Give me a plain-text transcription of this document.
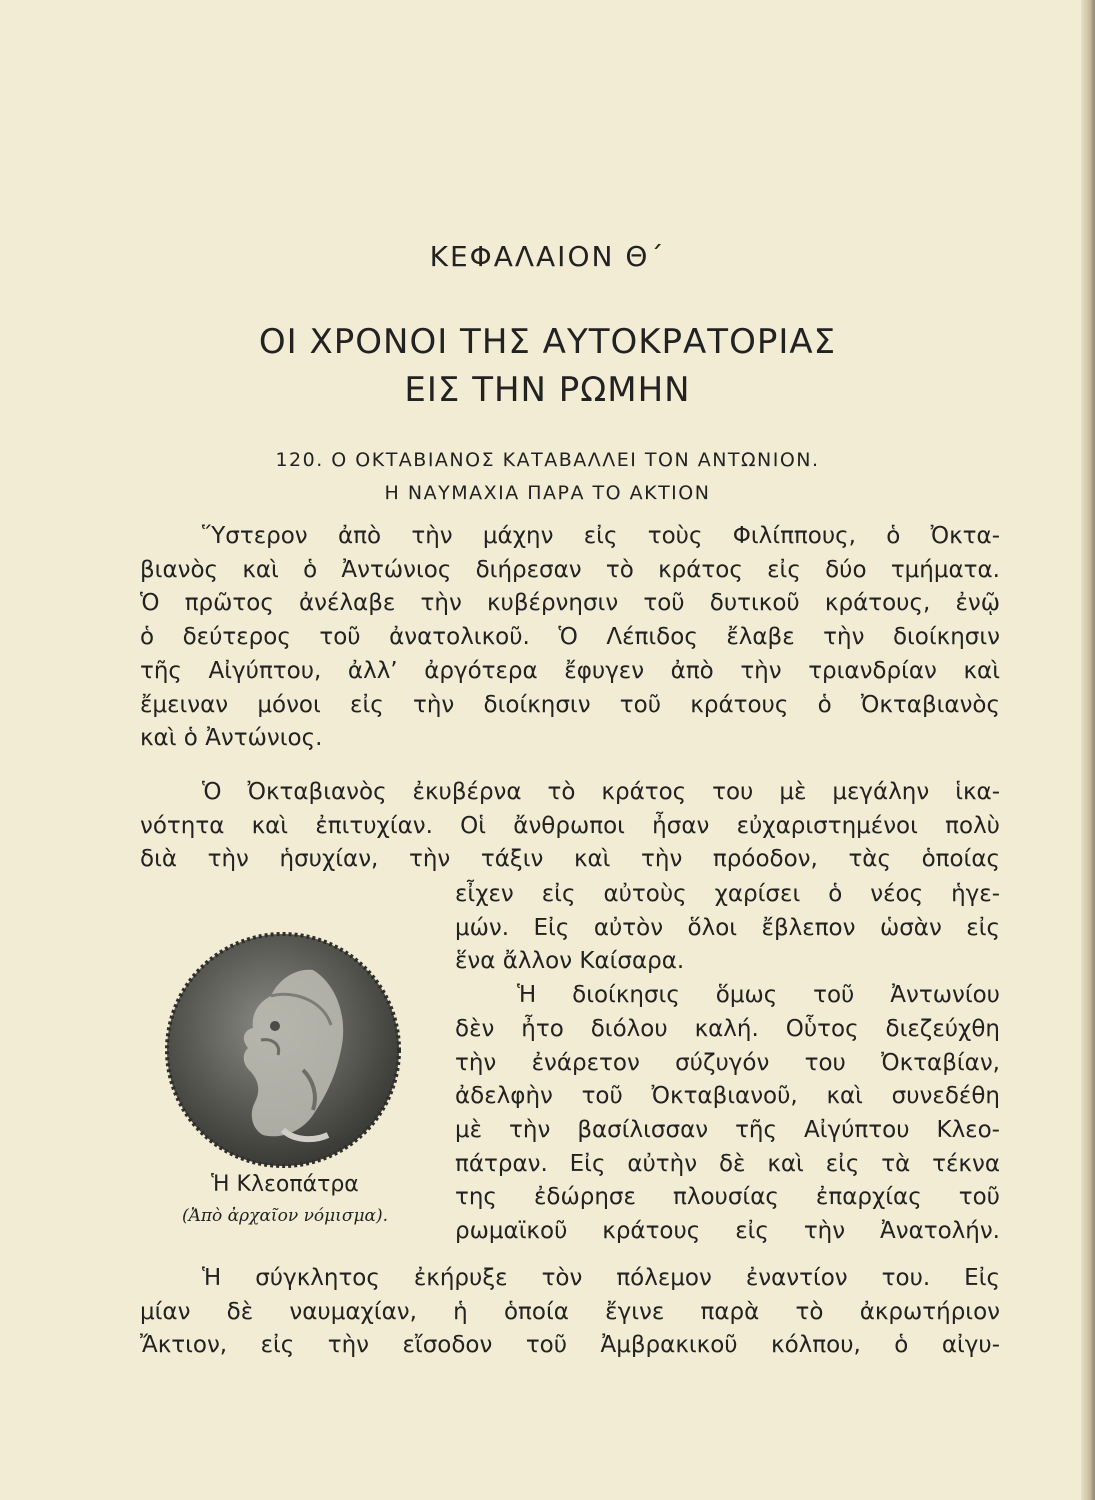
ΚΕΦΑΛΑΙΟΝ Θ΄
ΟΙ ΧΡΟΝΟΙ ΤΗΣ ΑΥΤΟΚΡΑΤΟΡΙΑΣ
ΕΙΣ ΤΗΝ ΡΩΜΗΝ
120. Ο ΟΚΤΑΒΙΑΝΟΣ ΚΑΤΑΒΑΛΛΕΙ ΤΟΝ ΑΝΤΩΝΙΟΝ.
Η ΝΑΥΜΑΧΙΑ ΠΑΡΑ ΤΟ ΑΚΤΙΟΝ
Ὕστερον ἀπὸ τὴν μάχην εἰς τοὺς Φιλίππους, ὁ Ὀκτα-
βιανὸς καὶ ὁ Ἀντώνιος διήρεσαν τὸ κράτος εἰς δύο τμήματα.
Ὁ πρῶτος ἀνέλαβε τὴν κυβέρνησιν τοῦ δυτικοῦ κράτους, ἐνῷ
ὁ δεύτερος τοῦ ἀνατολικοῦ. Ὁ Λέπιδος ἔλαβε τὴν διοίκησιν
τῆς Αἰγύπτου, ἀλλ’ ἀργότερα ἔφυγεν ἀπὸ τὴν τριανδρίαν καὶ
ἔμειναν μόνοι εἰς τὴν διοίκησιν τοῦ κράτους ὁ Ὀκταβιανὸς
καὶ ὁ Ἀντώνιος.
Ὁ Ὀκταβιανὸς ἐκυβέρνα τὸ κράτος του μὲ μεγάλην ἱκα-
νότητα καὶ ἐπιτυχίαν. Οἱ ἄνθρωποι ἦσαν εὐχαριστημένοι πολὺ
διὰ τὴν ἡσυχίαν, τὴν τάξιν καὶ τὴν πρόοδον, τὰς ὁποίας
εἶχεν εἰς αὐτοὺς χαρίσει ὁ νέος ἡγε-
μών. Εἰς αὐτὸν ὅλοι ἔβλεπον ὡσὰν εἰς
ἕνα ἄλλον Καίσαρα.
Ἡ διοίκησις ὅμως τοῦ Ἀντωνίου
δὲν ἦτο διόλου καλή. Οὗτος διεζεύχθη
τὴν ἐνάρετον σύζυγόν του Ὀκταβίαν,
ἀδελφὴν τοῦ Ὀκταβιανοῦ, καὶ συνεδέθη
μὲ τὴν βασίλισσαν τῆς Αἰγύπτου Κλεο-
πάτραν. Εἰς αὐτὴν δὲ καὶ εἰς τὰ τέκνα
της ἐδώρησε πλουσίας ἐπαρχίας τοῦ
ρωμαϊκοῦ κράτους εἰς τὴν Ἀνατολήν.
Ἡ Κλεοπάτρα
(Ἀπὸ ἀρχαῖον νόμισμα).
Ἡ σύγκλητος ἐκήρυξε τὸν πόλεμον ἐναντίον του. Εἰς
μίαν δὲ ναυμαχίαν, ἡ ὁποία ἔγινε παρὰ τὸ ἀκρωτήριον
Ἄκτιον, εἰς τὴν εἴσοδον τοῦ Ἀμβρακικοῦ κόλπου, ὁ αἰγυ-
